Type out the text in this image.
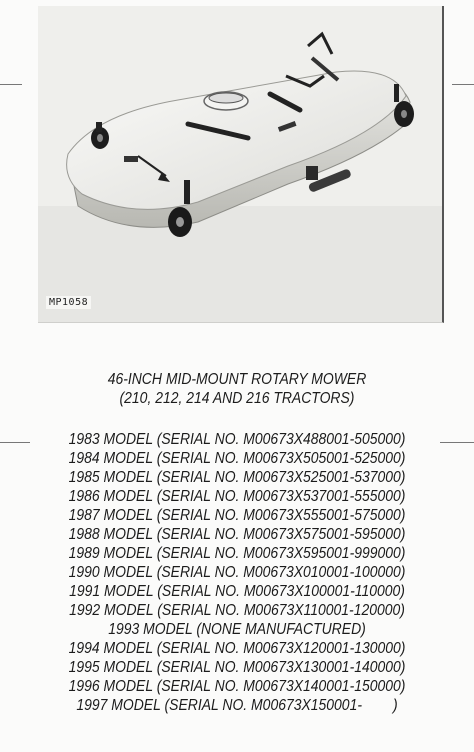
MP1058
46-INCH MID-MOUNT ROTARY MOWER
(210, 212, 214 AND 216 TRACTORS)
1983 MODEL (SERIAL NO. M00673X488001-505000)
1984 MODEL (SERIAL NO. M00673X505001-525000)
1985 MODEL (SERIAL NO. M00673X525001-537000)
1986 MODEL (SERIAL NO. M00673X537001-555000)
1987 MODEL (SERIAL NO. M00673X555001-575000)
1988 MODEL (SERIAL NO. M00673X575001-595000)
1989 MODEL (SERIAL NO. M00673X595001-999000)
1990 MODEL (SERIAL NO. M00673X010001-100000)
1991 MODEL (SERIAL NO. M00673X100001-110000)
1992 MODEL (SERIAL NO. M00673X110001-120000)
1993 MODEL (NONE MANUFACTURED)
1994 MODEL (SERIAL NO. M00673X120001-130000)
1995 MODEL (SERIAL NO. M00673X130001-140000)
1996 MODEL (SERIAL NO. M00673X140001-150000)
1997 MODEL (SERIAL NO. M00673X150001-        )
